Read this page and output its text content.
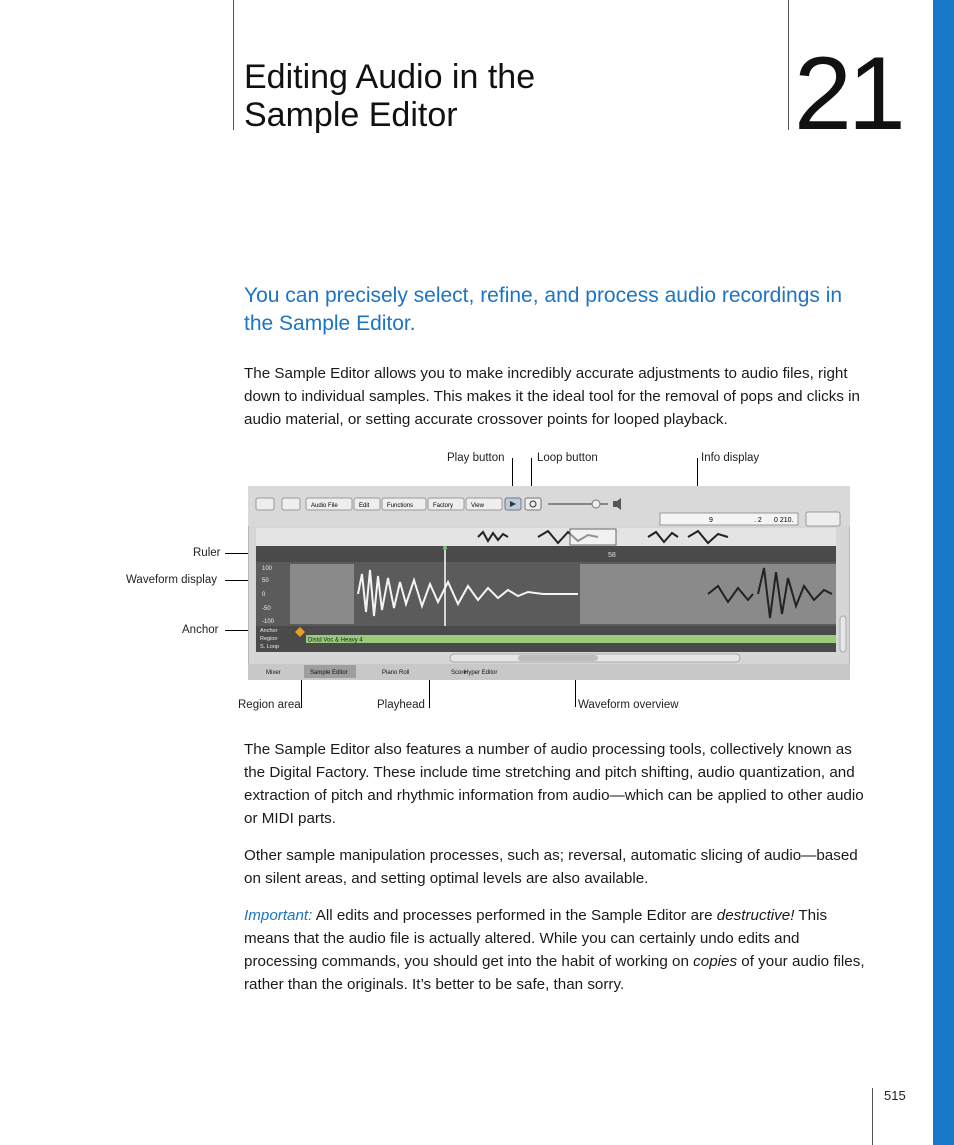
Editing Audio in the
Sample Editor	21
You can precisely select, refine, and process audio recordings in the Sample Editor.

The Sample Editor allows you to make incredibly accurate adjustments to audio files, right down to individual samples. This makes it the ideal tool for the removal of pops and clicks in audio material, or setting accurate crossover points for looped playback.

Play button	Loop button	Info display
Ruler
Waveform display
Anchor
Region area	Playhead	Waveform overview
Audio File	Edit	Functions	Factory	View
9	. 2 0 210.
58
100
50
0
-50
-100
Distd Voc & Heavy 4
Anchor
Region
S. Loop
Mixer	Sample Editor	Piano Roll	Score
Hyper Editor

The Sample Editor also features a number of audio processing tools, collectively known as the Digital Factory. These include time stretching and pitch shifting, audio quantization, and extraction of pitch and rhythmic information from audio—which can be applied to other audio or MIDI parts.

Other sample manipulation processes, such as; reversal, automatic slicing of audio—based on silent areas, and setting optimal levels are also available.

Important: All edits and processes performed in the Sample Editor are destructive! This means that the audio file is actually altered. While you can certainly undo edits and processing commands, you should get into the habit of working on copies of your audio files, rather than the originals. It’s better to be safe, than sorry.

515
